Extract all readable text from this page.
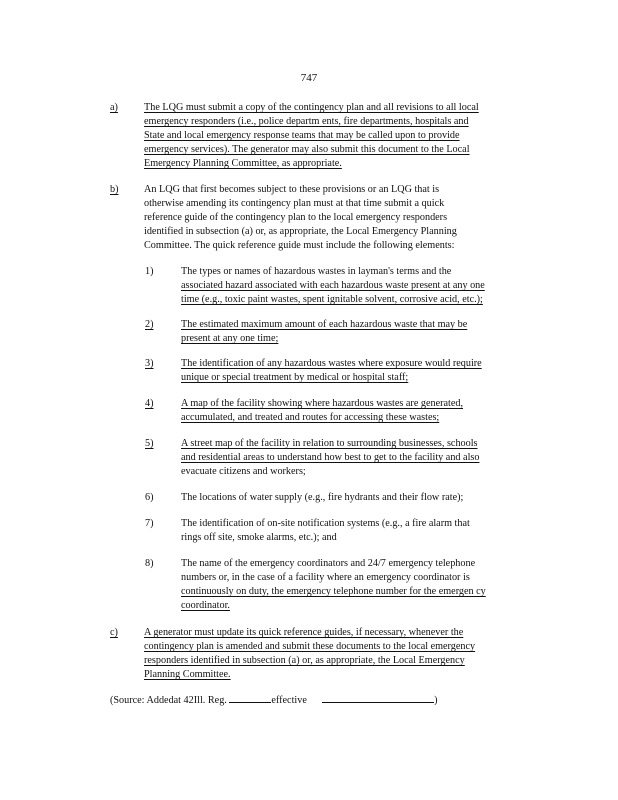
747
a)	The LQG must submit a copy of the contingency plan and all revisions to all local
emergency responders (i.e., police departm ents, fire departments, hospitals and
State and local emergency response teams that may be called upon to provide
emergency services). The generator may also submit this document to the Local
Emergency Planning Committee, as appropriate.
b)	An LQG that first becomes subject to these provisions or an LQG that is
otherwise amending its contingency plan must at that time submit a quick
reference guide of the contingency plan to the local emergency responders
identified in subsection (a) or, as appropriate, the Local Emergency Planning
Committee. The quick reference guide must include the following elements:
1)	The types or names of hazardous wastes in layman's terms and the
associated hazard associated with each hazardous waste present at any one
time (e.g., toxic paint wastes, spent ignitable solvent, corrosive acid, etc.);
2)	The estimated maximum amount of each hazardous waste that may be
present at any one time;
3)	The identification of any hazardous wastes where exposure would require
unique or special treatment by medical or hospital staff;
4)	A map of the facility showing where hazardous wastes are generated,
accumulated, and treated and routes for accessing these wastes;
5)	A street map of the facility in relation to surrounding businesses, schools
and residential areas to understand how best to get to the facility and also
evacuate citizens and workers;
6)	The locations of water supply (e.g., fire hydrants and their flow rate);
7)	The identification of on-site notification systems (e.g., a fire alarm that
rings off site, smoke alarms, etc.); and
8)	The name of the emergency coordinators and 24/7 emergency telephone
numbers or, in the case of a facility where an emergency coordinator is
continuously on duty, the emergency telephone number for the emergen cy
coordinator.
c)	A generator must update its quick reference guides, if necessary, whenever the
contingency plan is amended and submit these documents to the local emergency
responders identified in subsection (a) or, as appropriate, the Local Emergency
Planning Committee.
(Source: Addedat 42Ill. Reg.	effective	)
